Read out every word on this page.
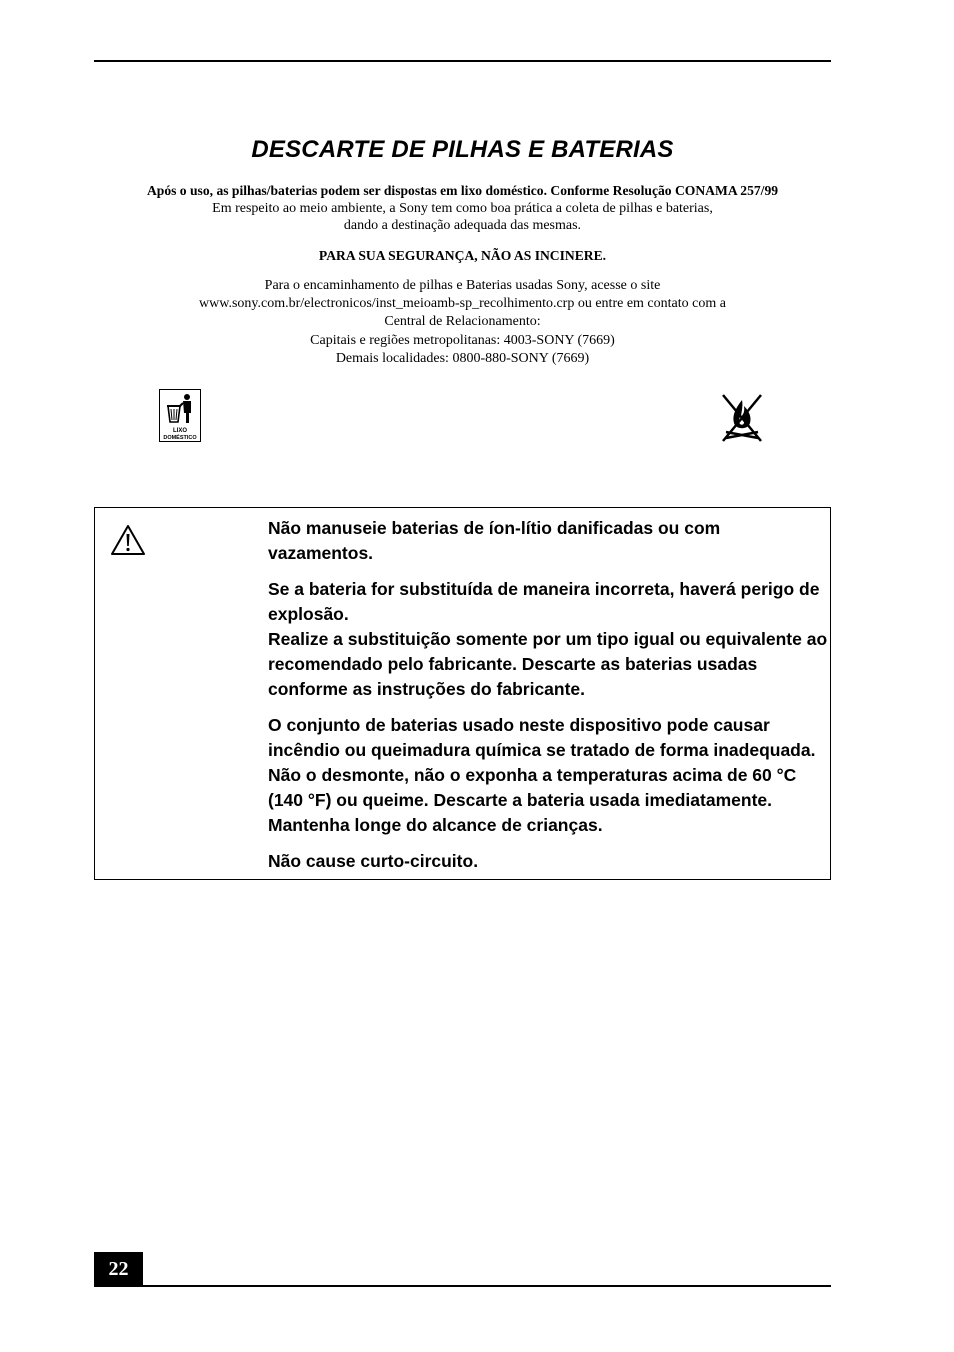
DESCARTE DE PILHAS E BATERIAS
Após o uso, as pilhas/baterias podem ser dispostas em lixo doméstico. Conforme Resolução CONAMA 257/99
Em respeito ao meio ambiente, a Sony tem como boa prática a coleta de pilhas e baterias,
dando a destinação adequada das mesmas.
PARA SUA SEGURANÇA, NÃO AS INCINERE.
Para o encaminhamento de pilhas e Baterias usadas Sony, acesse o site
www.sony.com.br/electronicos/inst_meioamb-sp_recolhimento.crp ou entre em contato com a
Central de Relacionamento:
Capitais e regiões metropolitanas: 4003-SONY (7669)
Demais localidades: 0800-880-SONY (7669)
LIXO
DOMÉSTICO

Não manuseie baterias de íon-lítio danificadas ou com vazamentos.

Se a bateria for substituída de maneira incorreta, haverá perigo de explosão.

Realize a substituição somente por um tipo igual ou equivalente ao recomendado pelo fabricante. Descarte as baterias usadas conforme as instruções do fabricante.

O conjunto de baterias usado neste dispositivo pode causar incêndio ou queimadura química se tratado de forma inadequada. Não o desmonte, não o exponha a temperaturas acima de 60 °C (140 °F) ou queime. Descarte a bateria usada imediatamente. Mantenha longe do alcance de crianças.

Não cause curto-circuito.

22
